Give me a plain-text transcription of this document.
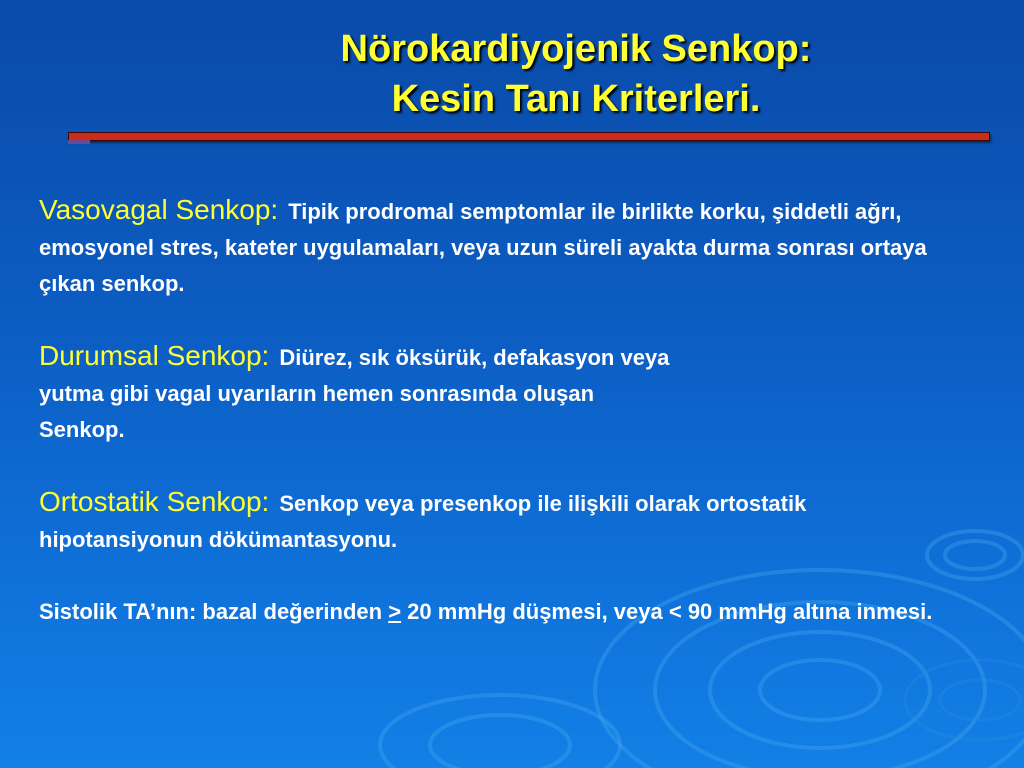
Nörokardiyojenik Senkop:
Kesin Tanı Kriterleri.

Vasovagal Senkop: Tipik prodromal semptomlar ile birlikte korku, şiddetli ağrı, emosyonel stres, kateter uygulamaları, veya uzun süreli ayakta durma sonrası ortaya çıkan senkop.

Durumsal Senkop: Diürez, sık öksürük, defakasyon veya
yutma gibi vagal uyarıların hemen sonrasında oluşan
Senkop.

Ortostatik Senkop: Senkop veya presenkop ile ilişkili olarak ortostatik hipotansiyonun dökümantasyonu.

Sistolik TA’nın: bazal değerinden ≥ 20 mmHg düşmesi, veya < 90 mmHg altına inmesi.
